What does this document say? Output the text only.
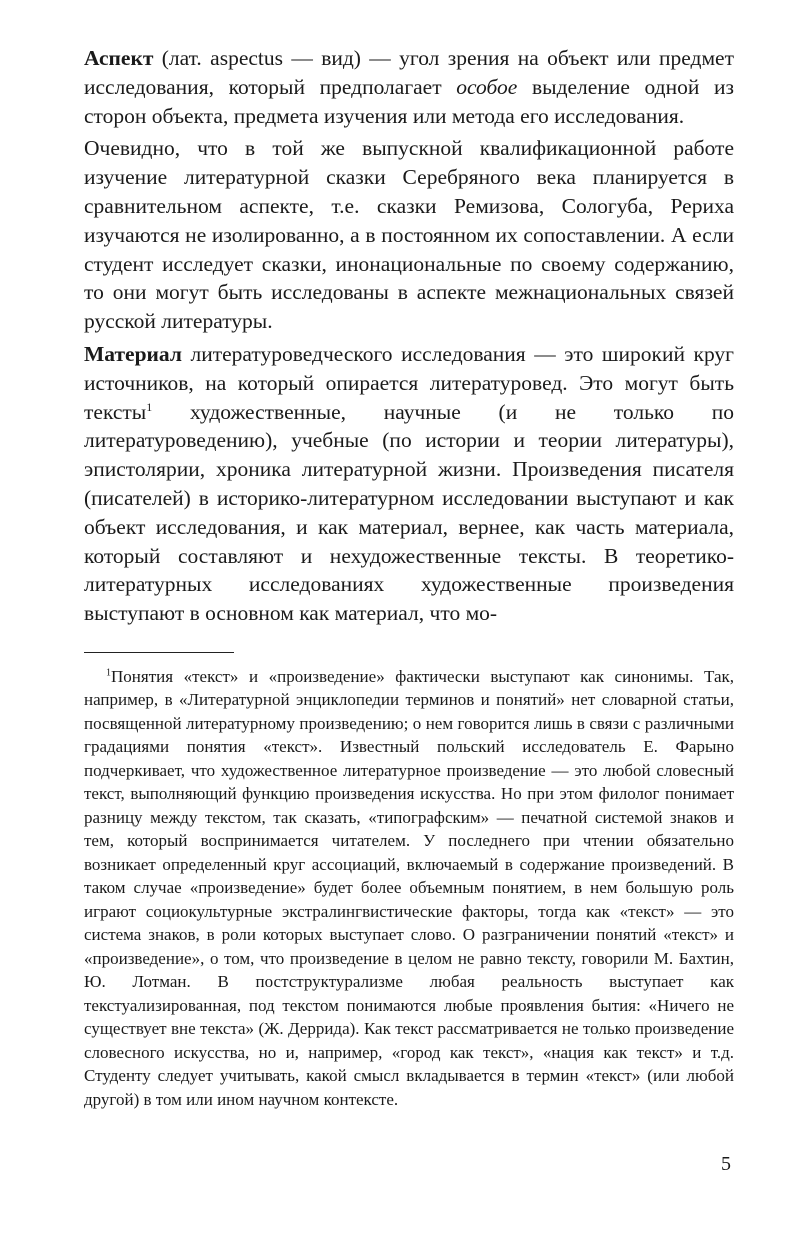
Аспект (лат. aspectus — вид) — угол зрения на объект или предмет исследования, который предполагает особое выделение одной из сторон объекта, предмета изучения или метода его исследования.

Очевидно, что в той же выпускной квалификационной работе изучение литературной сказки Серебряного века планируется в сравнительном аспекте, т.е. сказки Ремизова, Сологуба, Рериха изучаются не изолированно, а в постоянном их сопоставлении. А если студент исследует сказки, инонациональные по своему содержанию, то они могут быть исследованы в аспекте межнациональных связей русской литературы.

Материал литературоведческого исследования — это широкий круг источников, на который опирается литературовед. Это могут быть тексты$^1$ художественные, научные (и не только по литературоведению), учебные (по истории и теории литературы), эпистолярии, хроника литературной жизни. Произведения писателя (писателей) в историко-литературном исследовании выступают и как объект исследования, и как материал, вернее, как часть материала, который составляют и нехудожественные тексты. В теоретико-литературных исследованиях художественные произведения выступают в основном как материал, что мо-

$^1$Понятия «текст» и «произведение» фактически выступают как синонимы. Так, например, в «Литературной энциклопедии терминов и понятий» нет словарной статьи, посвященной литературному произведению; о нем говорится лишь в связи с различными градациями понятия «текст». Известный польский исследователь Е. Фарыно подчеркивает, что художественное литературное произведение — это любой словесный текст, выполняющий функцию произведения искусства. Но при этом филолог понимает разницу между текстом, так сказать, «типографским» — печатной системой знаков и тем, который воспринимается читателем. У последнего при чтении обязательно возникает определенный круг ассоциаций, включаемый в содержание произведений. В таком случае «произведение» будет более объемным понятием, в нем большую роль играют социокультурные экстралингвистические факторы, тогда как «текст» — это система знаков, в роли которых выступает слово. О разграничении понятий «текст» и «произведение», о том, что произведение в целом не равно тексту, говорили М. Бахтин, Ю. Лотман. В постструктурализме любая реальность выступает как текстуализированная, под текстом понимаются любые проявления бытия: «Ничего не существует вне текста» (Ж. Деррида). Как текст рассматривается не только произведение словесного искусства, но и, например, «город как текст», «нация как текст» и т.д. Студенту следует учитывать, какой смысл вкладывается в термин «текст» (или любой другой) в том или ином научном контексте.

5
